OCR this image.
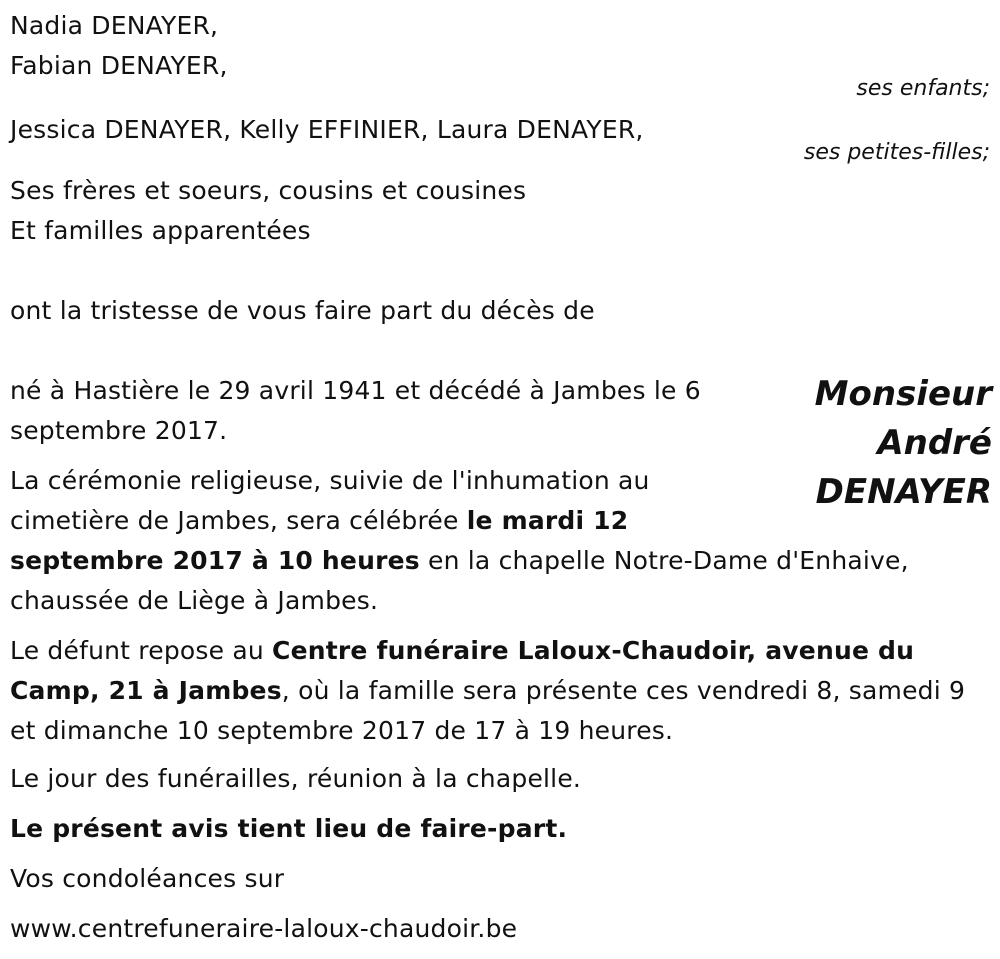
Nadia DENAYER,
Fabian DENAYER,
ses enfants;
Jessica DENAYER, Kelly EFFINIER, Laura DENAYER,
ses petites-filles;
Ses frères et soeurs, cousins et cousines
Et familles apparentées
ont la tristesse de vous faire part du décès de
Monsieur
André
DENAYER
né à Hastière le 29 avril 1941 et décédé à Jambes le 6
septembre 2017.
La cérémonie religieuse, suivie de l'inhumation au
cimetière de Jambes, sera célébrée le mardi 12
septembre 2017 à 10 heures en la chapelle Notre-Dame d'Enhaive,
chaussée de Liège à Jambes.
Le défunt repose au Centre funéraire Laloux-Chaudoir, avenue du
Camp, 21 à Jambes, où la famille sera présente ces vendredi 8, samedi 9
et dimanche 10 septembre 2017 de 17 à 19 heures.
Le jour des funérailles, réunion à la chapelle.
Le présent avis tient lieu de faire-part.
Vos condoléances sur
www.centrefuneraire-laloux-chaudoir.be
